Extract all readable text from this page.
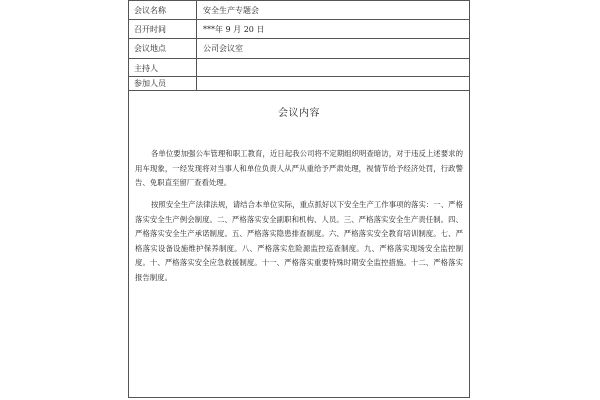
会议名称	安全生产专题会
召开时间	***年 9 月 20 日
会议地点	公司会议室
主持人
参加人员
会议内容

各单位要加强公车管理和职工教育，近日起我公司将不定期组织明查暗访，对于违反上述要求的用车现象，一经发现将对当事人和单位负责人从严从重给予严肃处理，视情节给予经济处罚，行政警告、免职直至留厂查看处理。

按照安全生产法律法规，请结合本单位实际，重点抓好以下安全生产工作事项的落实：一、严格落实安全生产例会制度。二、严格落实安全副职和机构、人员。三、严格落实安全生产责任制。四、严格落实安全生产承诺制度。五、严格落实隐患排查制度。六、严格落实安全教育培训制度。七、严格落实设备设施维护保养制度。八、严格落实危险源监控巡查制度。九、严格落实现场安全监控制度。十、严格落实安全应急救援制度。十一、严格落实重要特殊时期安全监控措施。十二、严格落实报告制度。
